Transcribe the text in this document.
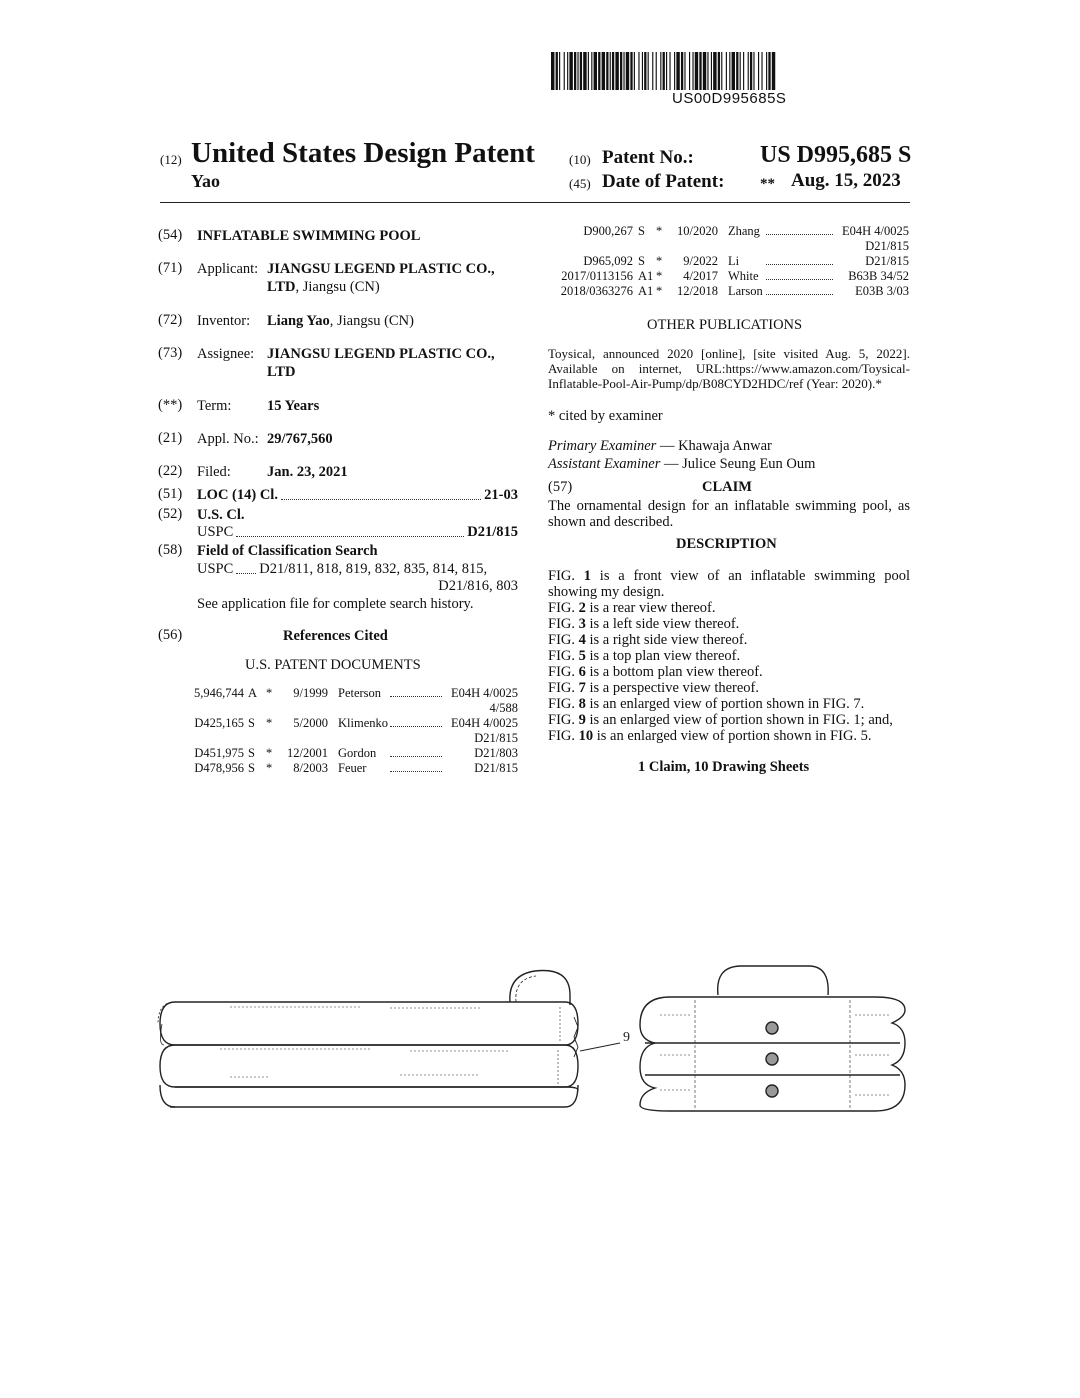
US00D995685S
(12) United States Design Patent
Yao
(10) Patent No.:	US D995,685 S
(45) Date of Patent: ** Aug. 15, 2023
(54) INFLATABLE SWIMMING POOL
(71) Applicant: JIANGSU LEGEND PLASTIC CO.,
LTD, Jiangsu (CN)
(72) Inventor: Liang Yao, Jiangsu (CN)
(73) Assignee: JIANGSU LEGEND PLASTIC CO.,
LTD
(**) Term: 15 Years
(21) Appl. No.: 29/767,560
(22) Filed: Jan. 23, 2021
(51) LOC (14) Cl.	21-03
(52) U.S. Cl.
USPC	D21/815
(58) Field of Classification Search
USPC D21/811, 818, 819, 832, 835, 814, 815,
D21/816, 803
See application file for complete search history.
(56)	References Cited
U.S. PATENT DOCUMENTS
5,946,744 A * 9/1999 Peterson	E04H 4/0025
4/588
D425,165 S * 5/2000 Klimenko	E04H 4/0025
D21/815
D451,975 S * 12/2001 Gordon	D21/803
D478,956 S * 8/2003 Feuer	D21/815
D900,267 S * 10/2020 Zhang	E04H 4/0025
D21/815
D965,092 S * 9/2022 Li	D21/815
2017/0113156 A1 * 4/2017 White	B63B 34/52
2018/0363276 A1 * 12/2018 Larson	E03B 3/03
OTHER PUBLICATIONS
Toysical, announced 2020 [online], [site visited Aug. 5, 2022].
Available on internet, URL:https://www.amazon.com/Toysical-
Inflatable-Pool-Air-Pump/dp/B08CYD2HDC/ref (Year: 2020).*
* cited by examiner
Primary Examiner — Khawaja Anwar
Assistant Examiner — Julice Seung Eun Oum
(57)	CLAIM
The ornamental design for an inflatable swimming pool, as
shown and described.
DESCRIPTION
FIG. 1 is a front view of an inflatable swimming pool
showing my design.
FIG. 2 is a rear view thereof.
FIG. 3 is a left side view thereof.
FIG. 4 is a right side view thereof.
FIG. 5 is a top plan view thereof.
FIG. 6 is a bottom plan view thereof.
FIG. 7 is a perspective view thereof.
FIG. 8 is an enlarged view of portion shown in FIG. 7.
FIG. 9 is an enlarged view of portion shown in FIG. 1; and,
FIG. 10 is an enlarged view of portion shown in FIG. 5.
1 Claim, 10 Drawing Sheets
9
